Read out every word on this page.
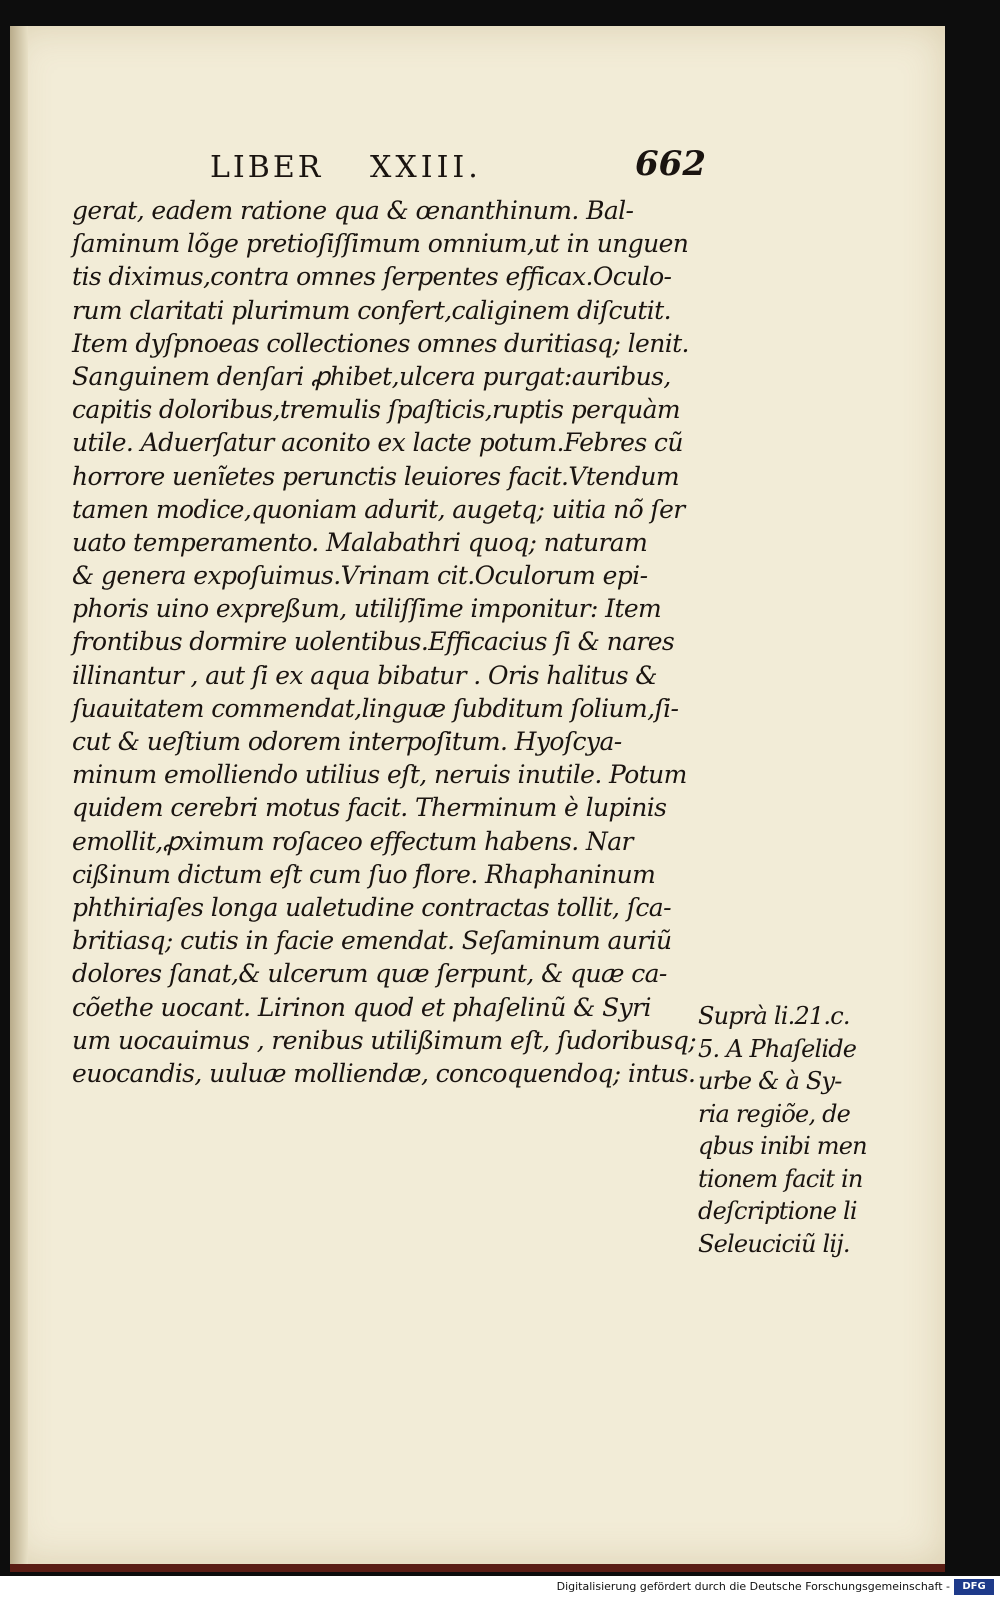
LIBER XXIII.	662
gerat, eadem ratione qua & œnanthinum. Bal-
ſaminum lõge pretioſiſſimum omnium,ut in unguen
tis diximus,contra omnes ſerpentes efficax.Oculo-
rum claritati plurimum confert,caliginem diſcutit.
Item dyſpnoeas collectiones omnes duritiasq; lenit.
Sanguinem denſari ꝓhibet,ulcera purgat:auribus,
capitis doloribus,tremulis ſpaſticis,ruptis perquàm
utile. Aduerſatur aconito ex lacte potum.Febres cũ
horrore uenĩetes perunctis leuiores facit.Vtendum
tamen modice,quoniam adurit, augetq; uitia nõ ſer
uato temperamento. Malabathri quoq; naturam
& genera expoſuimus.Vrinam cit.Oculorum epi-
phoris uino expreßum, utiliſſime imponitur: Item
frontibus dormire uolentibus.Efficacius ſi & nares
illinantur , aut ſi ex aqua bibatur . Oris halitus &
ſuauitatem commendat,linguæ ſubditum ſolium,ſi-
cut & ueſtium odorem interpoſitum. Hyoſcya-
minum emolliendo utilius eſt, neruis inutile. Potum
quidem cerebri motus facit. Therminum è lupinis
emollit,ꝓximum roſaceo effectum habens. Nar
cißinum dictum eſt cum ſuo flore. Rhaphaninum
phthiriaſes longa ualetudine contractas tollit, ſca-
britiasq; cutis in facie emendat. Seſaminum auriũ
dolores ſanat,& ulcerum quæ ſerpunt, & quæ ca-
cõethe uocant. Lirinon quod et phaſelinũ & Syri
um uocauimus , renibus utilißimum eſt, ſudoribusq;
euocandis, uuluæ molliendæ, concoquendoq; intus.
Suprà li.21.c.
5. A Phaſelide
urbe & à Sy-
ria regiõe, de
qbus inibi men
tionem facit in
deſcriptione li
Seleuciciũ lij.
Digitalisierung gefördert durch die Deutsche Forschungsgemeinschaft -	DFG
